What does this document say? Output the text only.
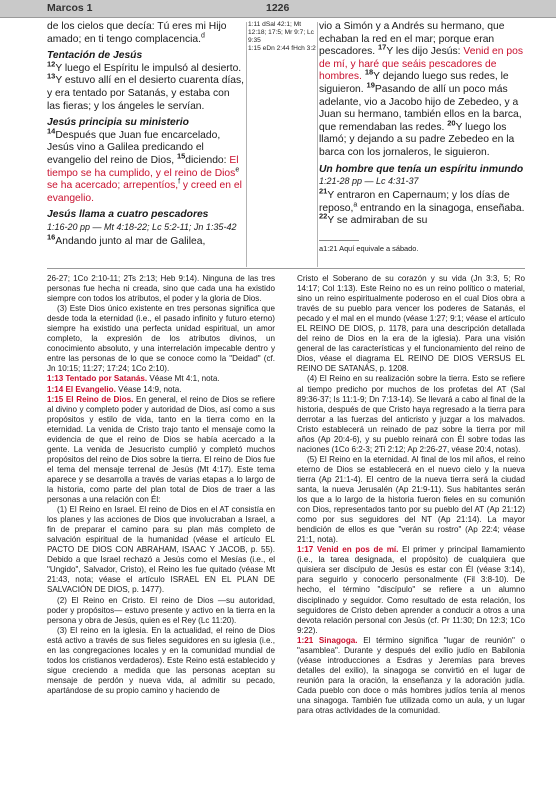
Marcos 1	1226

de los cielos que decía: Tú eres mi Hijo amado; en ti tengo complacencia.$^d$

Tentación de Jesús

$^{12}$Y luego el Espíritu le impulsó al desierto. $^{13}$Y estuvo allí en el desierto cuarenta días, y era tentado por Satanás, y estaba con las fieras; y los ángeles le servían.

Jesús principia su ministerio

$^{14}$Después que Juan fue encarcelado, Jesús vino a Galilea predicando el evangelio del reino de Dios, $^{15}$diciendo: El tiempo se ha cumplido, y el reino de Dios$^e$ se ha acercado; arrepentíos,$^f$ y creed en el evangelio.

Jesús llama a cuatro pescadores

1:16-20 pp — Mt 4:18-22; Lc 5:2-11; Jn 1:35-42

$^{16}$Andando junto al mar de Galilea,

1:11 dSal 42:1; Mt 12:18; 17:5; Mr 9:7; Lc 9:35

1:15 eDn 2:44 fHch 3:2

vio a Simón y a Andrés su hermano, que echaban la red en el mar; porque eran pescadores. $^{17}$Y les dijo Jesús: Venid en pos de mí, y haré que seáis pescadores de hombres. $^{18}$Y dejando luego sus redes, le siguieron. $^{19}$Pasando de allí un poco más adelante, vio a Jacobo hijo de Zebedeo, y a Juan su hermano, también ellos en la barca, que remendaban las redes. $^{20}$Y luego los llamó; y dejando a su padre Zebedeo en la barca con los jornaleros, le siguieron.

Un hombre que tenía un espíritu inmundo

1:21-28 pp — Lc 4:31-37

$^{21}$Y entraron en Capernaum; y los días de reposo,$^a$ entrando en la sinagoga, enseñaba. $^{22}$Y se admiraban de su

a1:21 Aquí equivale a sábado.

26-27; 1Co 2:10-11; 2Ts 2:13; Heb 9:14). Ninguna de las tres personas fue hecha ni creada, sino que cada una ha existido siempre con todos los atributos, el poder y la gloria de Dios.

(3) Este Dios único existente en tres personas significa que desde toda la eternidad (i.e., el pasado infinito y futuro eterno) siempre ha existido una perfecta unidad espiritual, un amor completo, la expresión de los atributos divinos, un conocimiento absoluto, y una interrelación impecable dentro y entre las personas de lo que se conoce como la "Deidad" (cf. Jn 10:15; 11:27; 17:24; 1Co 2:10).

1:13 Tentado por Satanás. Véase Mt 4:1, nota.

1:14 El Evangelio. Véase 14:9, nota.

1:15 El Reino de Dios. En general, el reino de Dios se refiere al divino y completo poder y autoridad de Dios, así como a sus propósitos y estilo de vida, tanto en la tierra como en la eternidad. La venida de Cristo trajo tanto el mensaje como la evidencia de que el reino de Dios se había acercado a la gente. La venida de Jesucristo cumplió y completó muchos propósitos del reino de Dios sobre la tierra. El reino de Dios fue el tema del mensaje terrenal de Jesús (Mt 4:17). Este tema aparece y se desarrolla a través de varias etapas a lo largo de la historia, como parte del plan total de Dios de traer a las personas a una relación con Él:

(1) El Reino en Israel. El reino de Dios en el AT consistía en los planes y las acciones de Dios que involucraban a Israel, a fin de preparar el camino para su plan más completo de salvación espiritual de la humanidad (véase el artículo EL PACTO DE DIOS CON ABRAHAM, ISAAC Y JACOB, p. 55). Debido a que Israel rechazó a Jesús como el Mesías (i.e., el "Ungido", Salvador, Cristo), el Reino les fue quitado (véase Mt 21:43, nota; véase el artículo ISRAEL EN EL PLAN DE SALVACIÓN DE DIOS, p. 1477).

(2) El Reino en Cristo. El reino de Dios —su autoridad, poder y propósitos— estuvo presente y activo en la tierra en la persona y obra de Jesús, quien es el Rey (Lc 11:20).

(3) El reino en la iglesia. En la actualidad, el reino de Dios está activo a través de sus fieles seguidores en su iglesia (i.e., en las congregaciones locales y en la comunidad mundial de todos los cristianos verdaderos). Este Reino está establecido y sigue creciendo a medida que las personas aceptan su mensaje de perdón y nueva vida, al admitir su pecado, apartándose de su propio camino y haciendo de

Cristo el Soberano de su corazón y su vida (Jn 3:3, 5; Ro 14:17; Col 1:13). Este Reino no es un reino político o material, sino un reino espiritualmente poderoso en el cual Dios obra a través de su pueblo para vencer los poderes de Satanás, el pecado y el mal en el mundo (véase 1:27; 9:1; véase el artículo EL REINO DE DIOS, p. 1178, para una descripción detallada del reino de Dios en la era de la iglesia). Para una visión general de las características y el funcionamiento del reino de Dios, véase el diagrama EL REINO DE DIOS VERSUS EL REINO DE SATANÁS, p. 1208.

(4) El Reino en su realización sobre la tierra. Esto se refiere al tiempo predicho por muchos de los profetas del AT (Sal 89:36-37; Is 11:1-9; Dn 7:13-14). Se llevará a cabo al final de la historia, después de que Cristo haya regresado a la tierra para derrotar a las fuerzas del anticristo y juzgar a los malvados. Cristo establecerá un reinado de paz sobre la tierra por mil años (Ap 20:4-6), y su pueblo reinará con Él sobre todas las naciones (1Co 6:2-3; 2Ti 2:12; Ap 2:26-27, véase 20:4, notas).

(5) El Reino en la eternidad. Al final de los mil años, el reino eterno de Dios se establecerá en el nuevo cielo y la nueva tierra (Ap 21:1-4). El centro de la nueva tierra será la ciudad santa, la nueva Jerusalén (Ap 21:9-11). Sus habitantes serán los que a lo largo de la historia fueron fieles en su comunión con Dios, representados tanto por su pueblo del AT (Ap 21:12) como por sus seguidores del NT (Ap 21:14). La mayor bendición de ellos es que "verán su rostro" (Ap 22:4; véase 21:1, nota).

1:17 Venid en pos de mí. El primer y principal llamamiento (i.e., la tarea designada, el propósito) de cualquiera que quisiera ser discípulo de Jesús es estar con Él (véase 3:14), para seguirlo y conocerlo personalmente (Fil 3:8-10). De hecho, el término "discípulo" se refiere a un alumno disciplinado y seguidor. Como resultado de esta relación, los seguidores de Cristo deben aprender a conducir a otros a una devota relación personal con Jesús (cf. Pr 11:30; Dn 12:3; 1Co 9:22).

1:21 Sinagoga. El término significa "lugar de reunión" o "asamblea". Durante y después del exilio judío en Babilonia (véase introducciones a Esdras y Jeremías para breves detalles del exilio), la sinagoga se convirtió en el lugar de reunión para la oración, la enseñanza y la adoración judía. Cada pueblo con doce o más hombres judíos tenía al menos una sinagoga. También fue utilizada como un aula, y un lugar para otras actividades de la comunidad.
